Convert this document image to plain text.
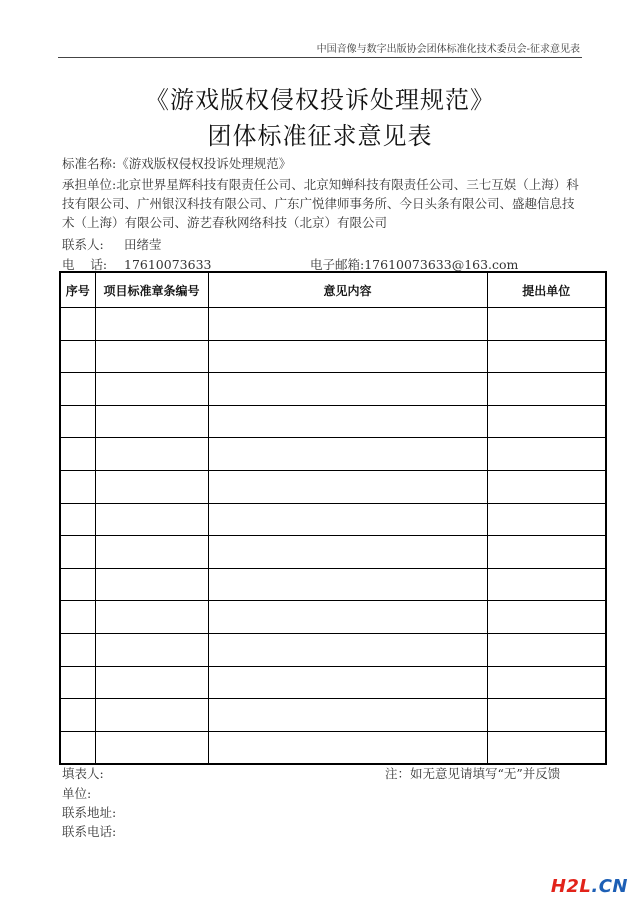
中国音像与数字出版协会团体标准化技术委员会-征求意见表
《游戏版权侵权投诉处理规范》
团体标准征求意见表
标准名称:《游戏版权侵权投诉处理规范》
承担单位:北京世界星辉科技有限责任公司、北京知蝉科技有限责任公司、三七互娱（上海）科技有限公司、广州银汉科技有限公司、广东广悦律师事务所、今日头条有限公司、盛趣信息技术（上海）有限公司、游艺春秋网络科技（北京）有限公司
联系人: 田绪莹
电    话: 17610073633	电子邮箱:17610073633@163.com
序号	项目标准章条编号	意见内容	提出单位

填表人:	注：如无意见请填写“无”并反馈
单位:
联系地址:
联系电话:
H2L.CN
